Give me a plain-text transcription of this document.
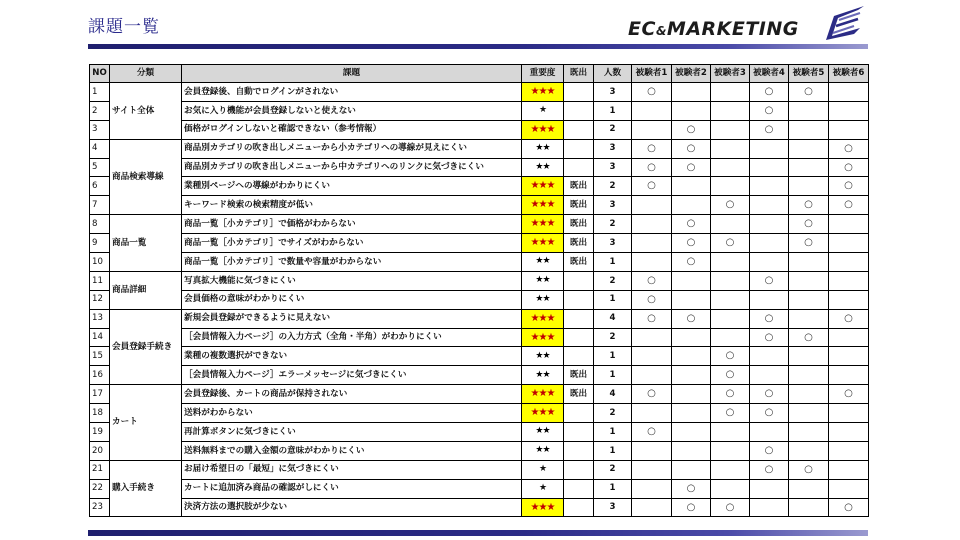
課題一覧	EC&MARKETING
NO	分類	課題	重要度	既出	人数	被験者1	被験者2	被験者3	被験者4	被験者5	被験者6
1	サイト全体	会員登録後、自動でログインがされない	★★★		3	○			○	○	
2		お気に入り機能が会員登録しないと使えない	★		1				○		
3		価格がログインしないと確認できない（参考情報）	★★★		2		○		○		
4	商品検索導線	商品別カテゴリの吹き出しメニューから小カテゴリへの導線が見えにくい	★★		3	○	○				○
5		商品別カテゴリの吹き出しメニューから中カテゴリへのリンクに気づきにくい	★★		3	○	○				○
6		業種別ページへの導線がわかりにくい	★★★	既出	2	○					○
7		キーワード検索の検索精度が低い	★★★	既出	3			○		○	○
8	商品一覧	商品一覧［小カテゴリ］で価格がわからない	★★★	既出	2		○			○	
9		商品一覧［小カテゴリ］でサイズがわからない	★★★	既出	3		○	○		○	
10		商品一覧［小カテゴリ］で数量や容量がわからない	★★	既出	1		○				
11	商品詳細	写真拡大機能に気づきにくい	★★		2	○			○		
12		会員価格の意味がわかりにくい	★★		1	○					
13	会員登録手続き	新規会員登録ができるように見えない	★★★		4	○	○		○		○
14		［会員情報入力ページ］の入力方式（全角・半角）がわかりにくい	★★★		2				○	○	
15		業種の複数選択ができない	★★		1			○			
16		［会員情報入力ページ］エラーメッセージに気づきにくい	★★	既出	1			○			
17	カート	会員登録後、カートの商品が保持されない	★★★	既出	4	○		○	○		○
18		送料がわからない	★★★		2			○	○		
19		再計算ボタンに気づきにくい	★★		1	○					
20		送料無料までの購入金額の意味がわかりにくい	★★		1				○		
21	購入手続き	お届け希望日の「最短」に気づきにくい	★		2				○	○	
22		カートに追加済み商品の確認がしにくい	★		1		○				
23		決済方法の選択肢が少ない	★★★		3		○	○			○
